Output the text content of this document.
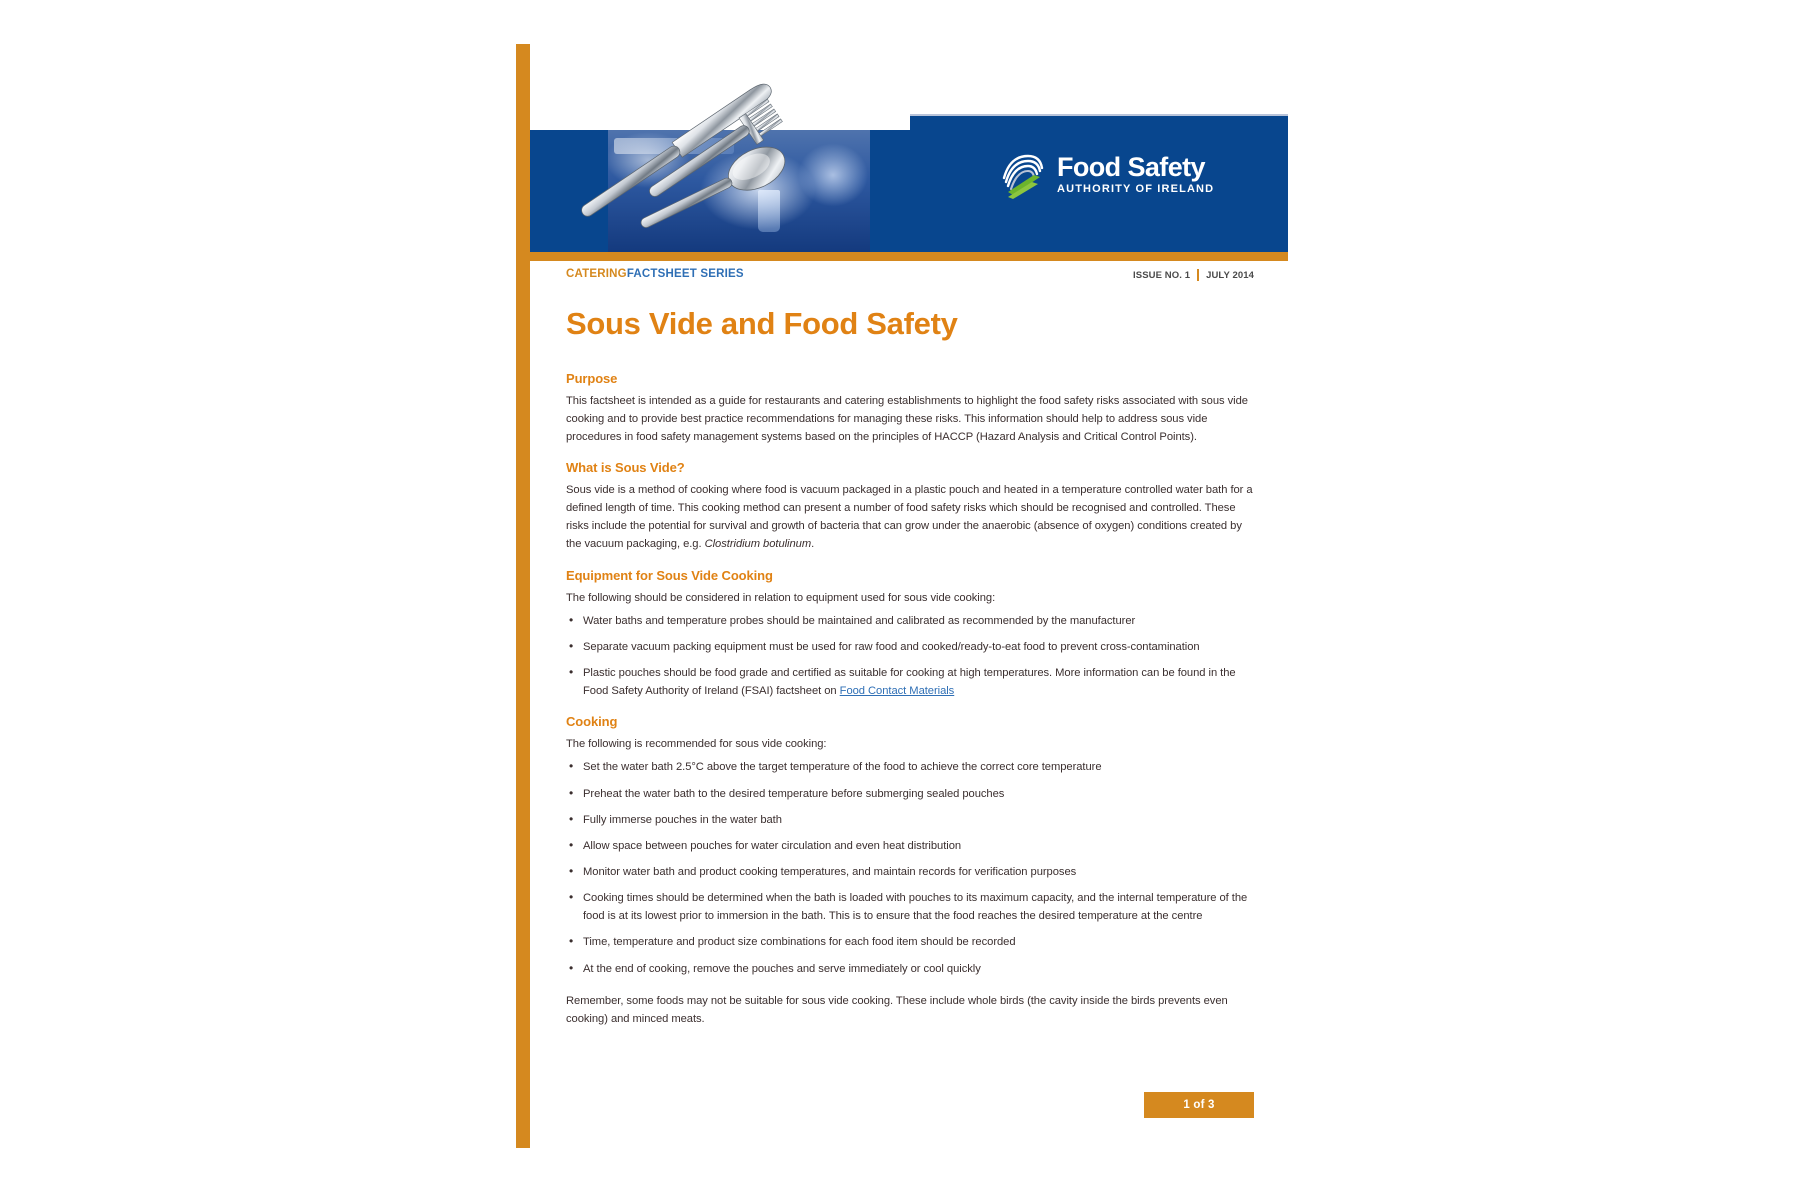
Food Safety
AUTHORITY OF IRELAND
CATERINGFACTSHEET SERIES	ISSUE NO. 1 JULY 2014
Sous Vide and Food Safety
Purpose

This factsheet is intended as a guide for restaurants and catering establishments to highlight the food safety risks associated with sous vide cooking and to provide best practice recommendations for managing these risks. This information should help to address sous vide procedures in food safety management systems based on the principles of HACCP (Hazard Analysis and Critical Control Points).

What is Sous Vide?

Sous vide is a method of cooking where food is vacuum packaged in a plastic pouch and heated in a temperature controlled water bath for a defined length of time. This cooking method can present a number of food safety risks which should be recognised and controlled. These risks include the potential for survival and growth of bacteria that can grow under the anaerobic (absence of oxygen) conditions created by the vacuum packaging, e.g. Clostridium botulinum.

Equipment for Sous Vide Cooking

The following should be considered in relation to equipment used for sous vide cooking:

• Water baths and temperature probes should be maintained and calibrated as recommended by the manufacturer
• Separate vacuum packing equipment must be used for raw food and cooked/ready-to-eat food to prevent cross-contamination
• Plastic pouches should be food grade and certified as suitable for cooking at high temperatures. More information can be found in the Food Safety Authority of Ireland (FSAI) factsheet on Food Contact Materials
Cooking

The following is recommended for sous vide cooking:

• Set the water bath 2.5°C above the target temperature of the food to achieve the correct core temperature
• Preheat the water bath to the desired temperature before submerging sealed pouches
• Fully immerse pouches in the water bath
• Allow space between pouches for water circulation and even heat distribution
• Monitor water bath and product cooking temperatures, and maintain records for verification purposes
• Cooking times should be determined when the bath is loaded with pouches to its maximum capacity, and the internal temperature of the food is at its lowest prior to immersion in the bath. This is to ensure that the food reaches the desired temperature at the centre
• Time, temperature and product size combinations for each food item should be recorded
• At the end of cooking, remove the pouches and serve immediately or cool quickly

Remember, some foods may not be suitable for sous vide cooking. These include whole birds (the cavity inside the birds prevents even cooking) and minced meats.

1 of 3
